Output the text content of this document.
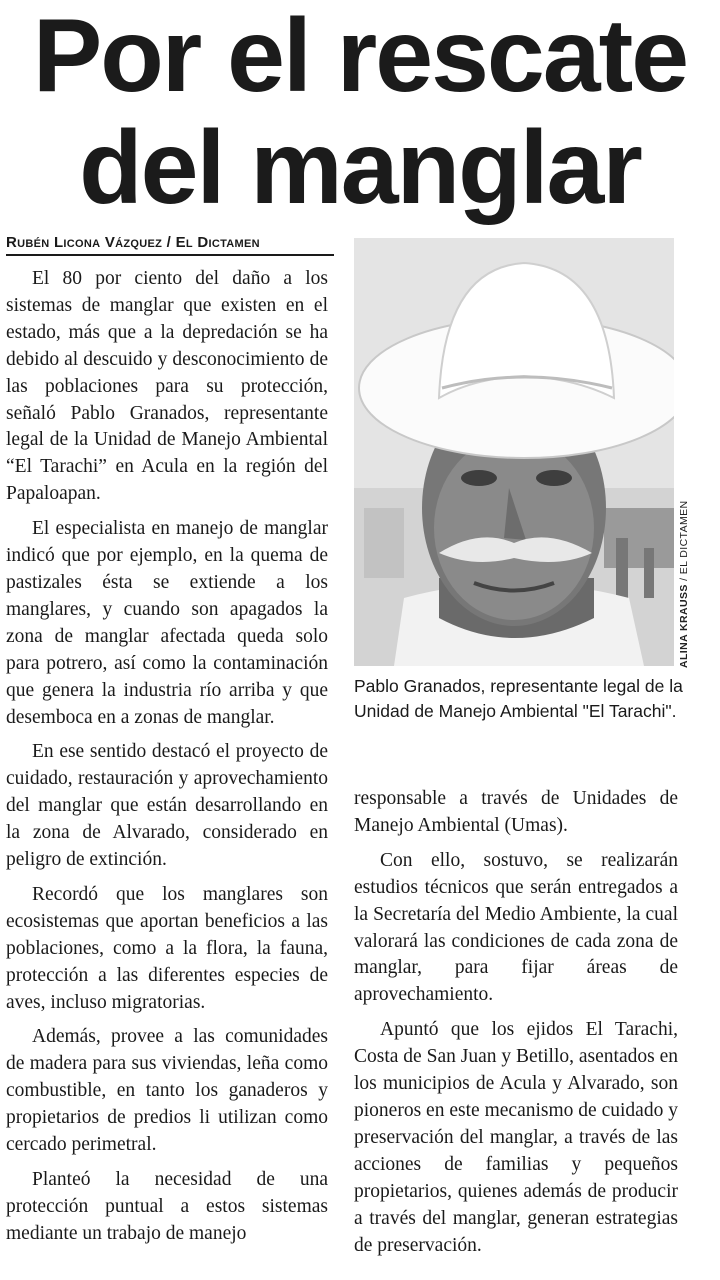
Por el rescate
del manglar
Rubén Licona Vázquez / El Dictamen

El 80 por ciento del daño a los sistemas de manglar que existen en el estado, más que a la depredación se ha debido al descuido y desconocimiento de las poblaciones para su protección, señaló Pablo Granados, representante legal de la Unidad de Manejo Ambiental “El Tarachi” en Acula en la región del Papaloapan.

El especialista en manejo de manglar indicó que por ejemplo, en la quema de pastizales ésta se extiende a los manglares, y cuando son apagados la zona de manglar afectada queda solo para potrero, así como la contaminación que genera la industria río arriba y que desemboca en a zonas de manglar.

En ese sentido destacó el proyecto de cuidado, restauración y aprovechamiento del manglar que están desarrollando en la zona de Alvarado, considerado en peligro de extinción.

Recordó que los manglares son ecosistemas que aportan beneficios a las poblaciones, como a la flora, la fauna, protección a las diferentes especies de aves, incluso migratorias.

Además, provee a las comunidades de madera para sus viviendas, leña como combustible, en tanto los ganaderos y propietarios de predios li utilizan como cercado perimetral.

Planteó la necesidad de una protección puntual a estos sistemas mediante un trabajo de manejo

ALINA KRAUSS / EL DICTAMEN
Pablo Granados, representante legal de la Unidad de Manejo Ambiental "El Tarachi".

responsable a través de Unidades de Manejo Ambiental (Umas).

Con ello, sostuvo, se realizarán estudios técnicos que serán entregados a la Secretaría del Medio Ambiente, la cual valorará las condiciones de cada zona de manglar, para fijar áreas de aprovechamiento.

Apuntó que los ejidos El Tarachi, Costa de San Juan y Betillo, asentados en los municipios de Acula y Alvarado, son pioneros en este mecanismo de cuidado y preservación del manglar, a través de las acciones de familias y pequeños propietarios, quienes además de producir a través del manglar, generan estrategias de preservación.
